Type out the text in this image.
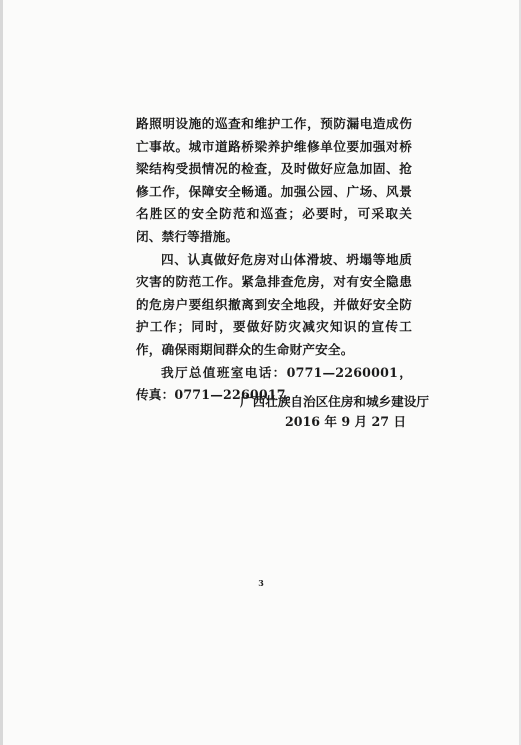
路照明设施的巡查和维护工作，预防漏电造成伤亡事故。城市道路桥梁养护维修单位要加强对桥梁结构受损情况的检查，及时做好应急加固、抢修工作，保障安全畅通。加强公园、广场、风景名胜区的安全防范和巡查；必要时，可采取关闭、禁行等措施。

四、认真做好危房对山体滑坡、坍塌等地质灾害的防范工作。紧急排查危房，对有安全隐患的危房户要组织撤离到安全地段，并做好安全防护工作；同时，要做好防灾减灾知识的宣传工作，确保雨期间群众的生命财产安全。

我厅总值班室电话：0771—2260001，传真：0771—2260017。

广西壮族自治区住房和城乡建设厅
2016 年 9 月 27 日
3
